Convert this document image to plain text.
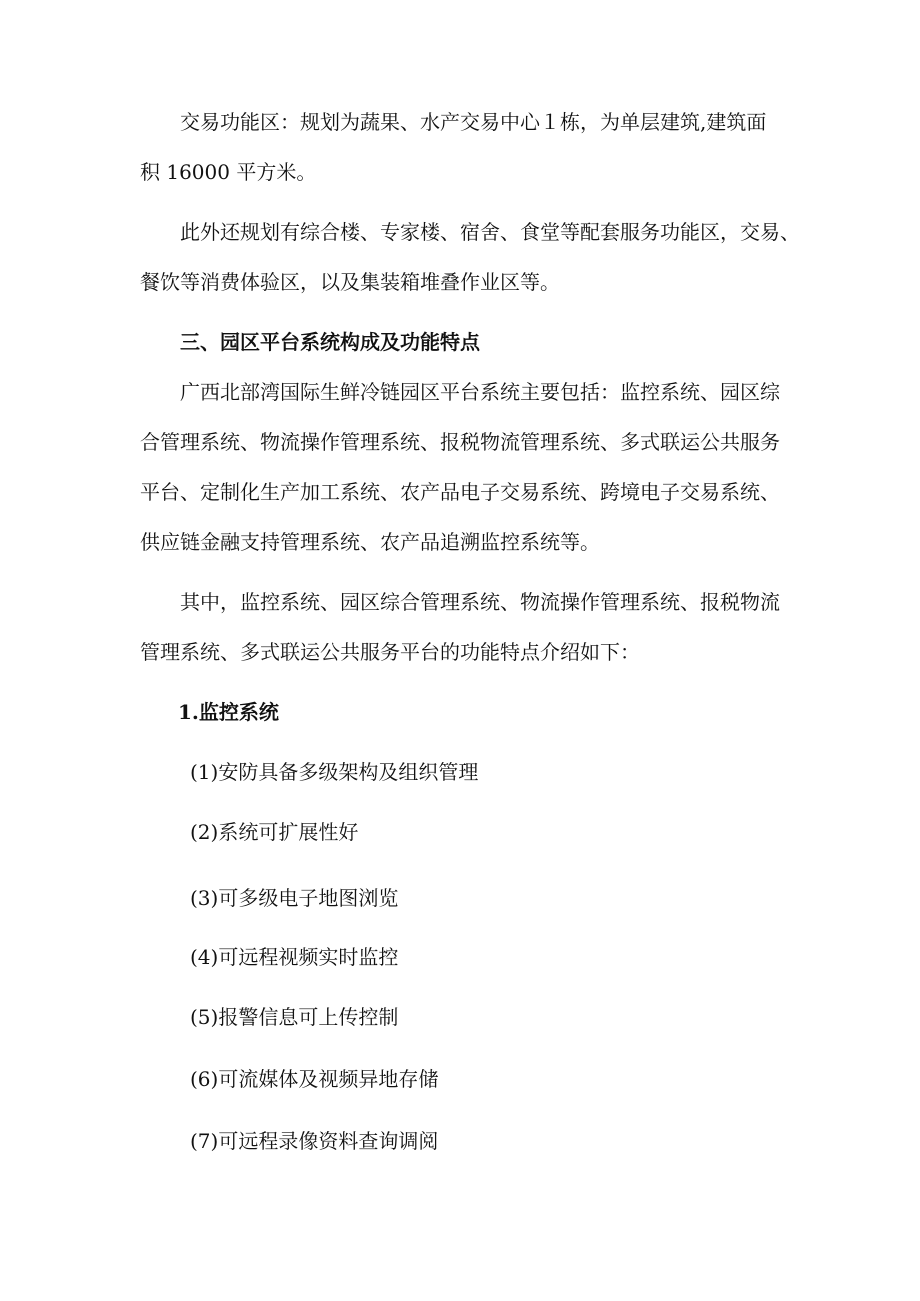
交易功能区：规划为蔬果、水产交易中心１栋，为单层建筑,建筑面

积 16000 平方米。

此外还规划有综合楼、专家楼、宿舍、食堂等配套服务功能区，交易、

餐饮等消费体验区，以及集装箱堆叠作业区等。

三、园区平台系统构成及功能特点

广西北部湾国际生鲜冷链园区平台系统主要包括：监控系统、园区综

合管理系统、物流操作管理系统、报税物流管理系统、多式联运公共服务

平台、定制化生产加工系统、农产品电子交易系统、跨境电子交易系统、

供应链金融支持管理系统、农产品追溯监控系统等。

其中，监控系统、园区综合管理系统、物流操作管理系统、报税物流

管理系统、多式联运公共服务平台的功能特点介绍如下：

1.监控系统

(1)安防具备多级架构及组织管理

(2)系统可扩展性好

(3)可多级电子地图浏览

(4)可远程视频实时监控

(5)报警信息可上传控制

(6)可流媒体及视频异地存储

(7)可远程录像资料查询调阅
